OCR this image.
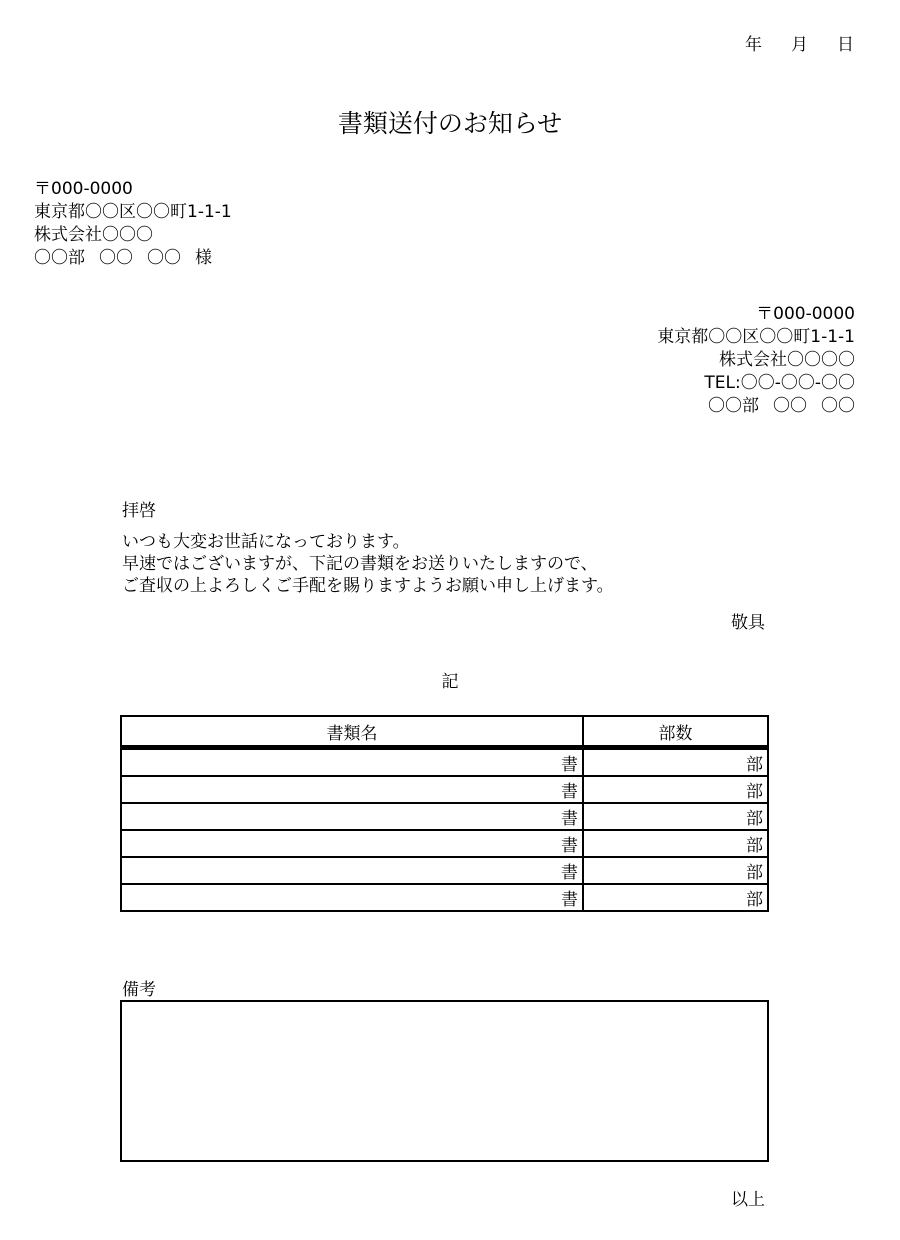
年 月 日
書類送付のお知らせ
〒000-0000
東京都〇〇区〇〇町1-1-1
株式会社〇〇〇
〇〇部 〇〇 〇〇 様
〒000-0000
東京都〇〇区〇〇町1-1-1
株式会社〇〇〇〇
TEL:〇〇-〇〇-〇〇
〇〇部 〇〇 〇〇
拝啓
いつも大変お世話になっております。
早速ではございますが、下記の書類をお送りいたしますので、
ご査収の上よろしくご手配を賜りますようお願い申し上げます。
敬具
記
書類名	部数
書	部
書	部
書	部
書	部
書	部
書	部
備考
以上
